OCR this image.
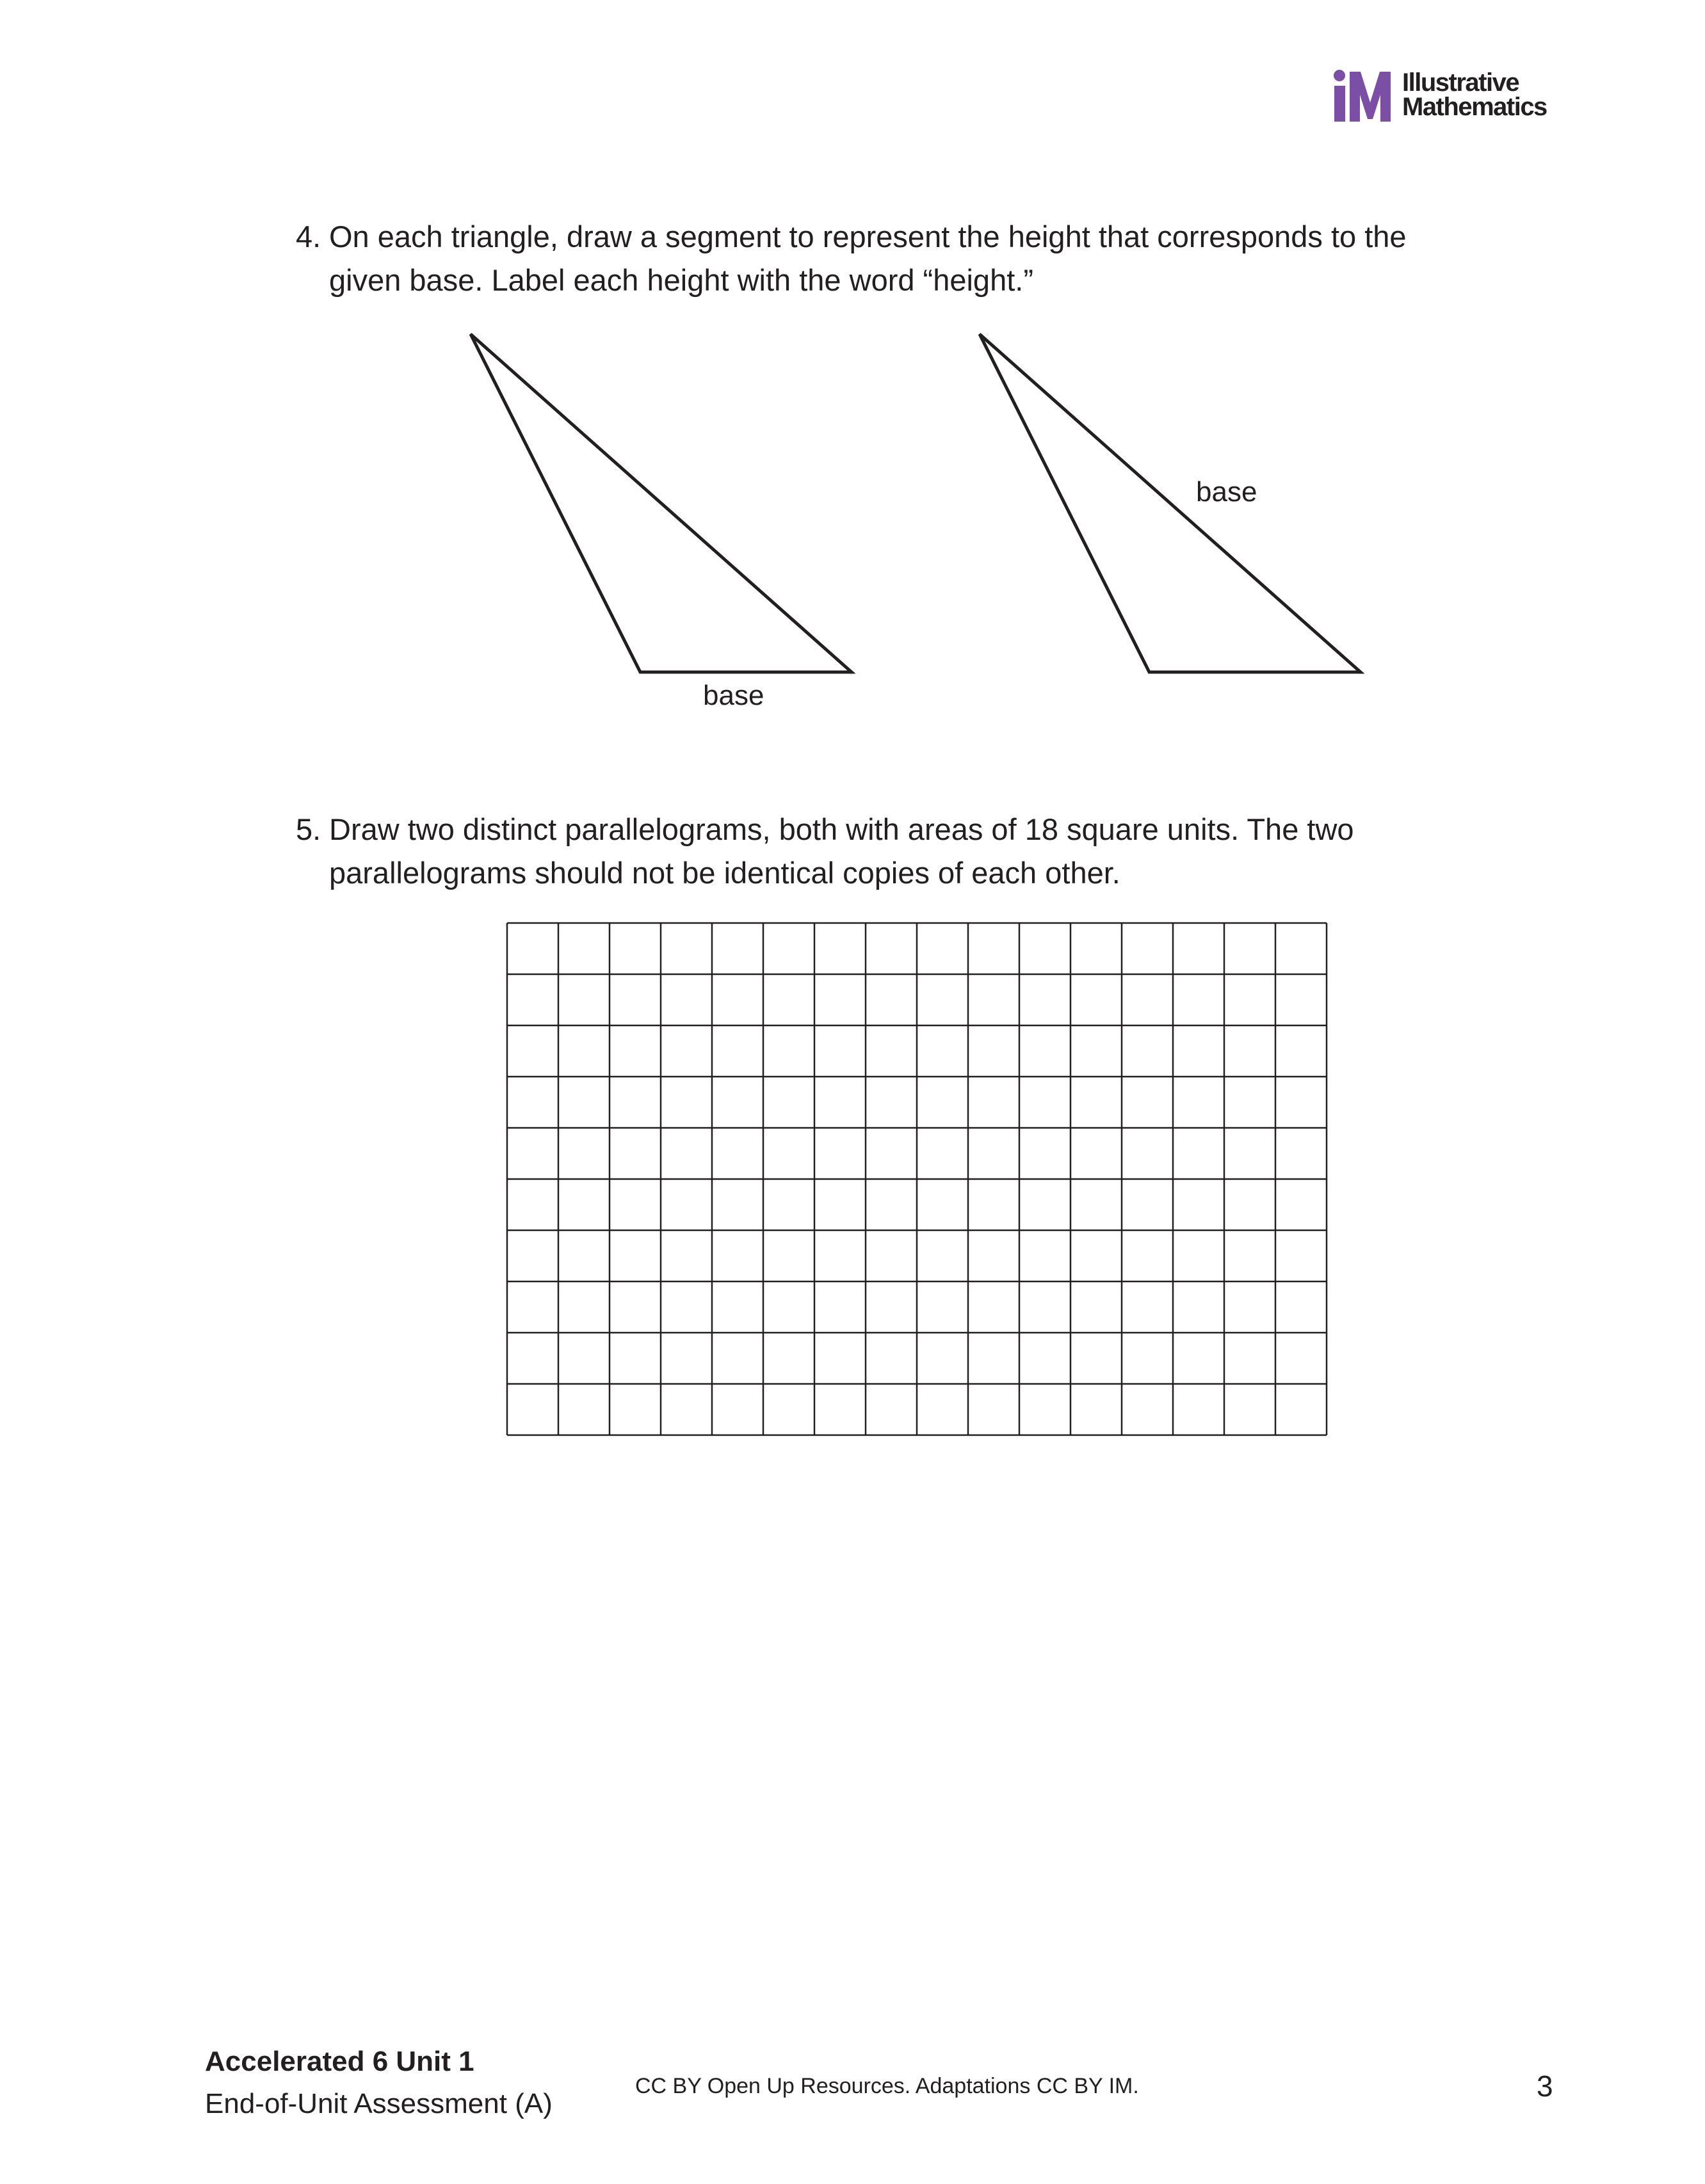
Illustrative
Mathematics
4. On each triangle, draw a segment to represent the height that corresponds to the
given base. Label each height with the word “height.”
base
base
5. Draw two distinct parallelograms, both with areas of 18 square units. The two
parallelograms should not be identical copies of each other.
Accelerated 6 Unit 1
End-of-Unit Assessment (A)
CC BY Open Up Resources. Adaptations CC BY IM.	3
